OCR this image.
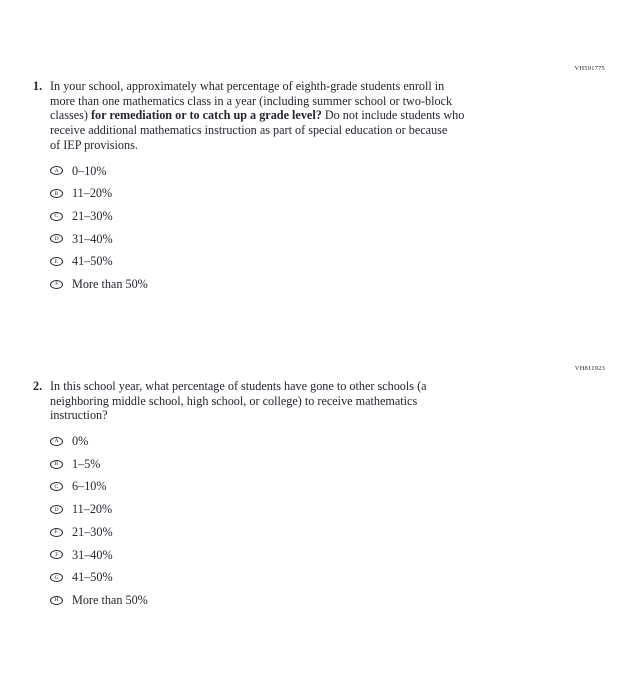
VH591775
1. In your school, approximately what percentage of eighth-grade students enroll in
more than one mathematics class in a year (including summer school or two-block
classes) for remediation or to catch up a grade level? Do not include students who
receive additional mathematics instruction as part of special education or because
of IEP provisions.
A 0–10%
B 11–20%
C 21–30%
D 31–40%
E 41–50%
F More than 50%
VH811923
2. In this school year, what percentage of students have gone to other schools (a
neighboring middle school, high school, or college) to receive mathematics
instruction?
A 0%
B 1–5%
C 6–10%
D 11–20%
E 21–30%
F 31–40%
G 41–50%
H More than 50%
